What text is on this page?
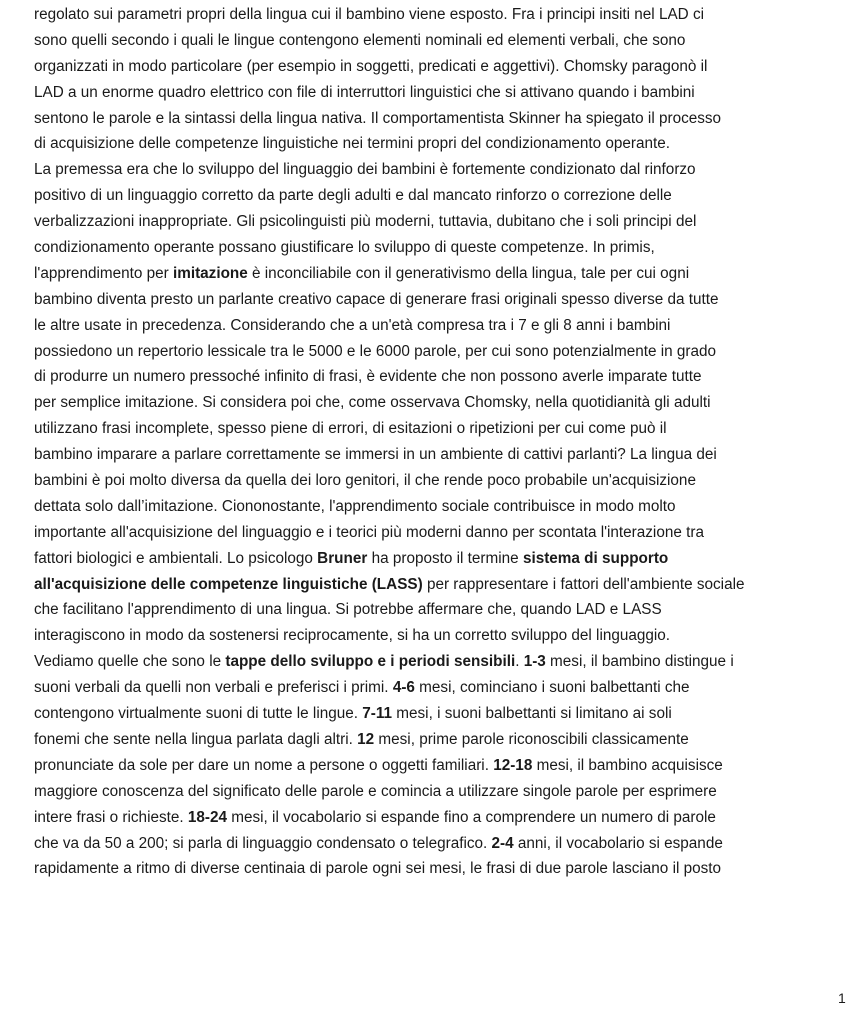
regolato sui parametri propri della lingua cui il bambino viene esposto. Fra i principi insiti nel LAD ci
sono quelli secondo i quali le lingue contengono elementi nominali ed elementi verbali, che sono
organizzati in modo particolare (per esempio in soggetti, predicati e aggettivi). Chomsky paragonò il
LAD a un enorme quadro elettrico con file di interruttori linguistici che si attivano quando i bambini
sentono le parole e la sintassi della lingua nativa. Il comportamentista Skinner ha spiegato il processo
di acquisizione delle competenze linguistiche nei termini propri del condizionamento operante.
La premessa era che lo sviluppo del linguaggio dei bambini è fortemente condizionato dal rinforzo
positivo di un linguaggio corretto da parte degli adulti e dal mancato rinforzo o correzione delle
verbalizzazioni inappropriate. Gli psicolinguisti più moderni, tuttavia, dubitano che i soli principi del
condizionamento operante possano giustificare lo sviluppo di queste competenze. In primis,
l'apprendimento per imitazione è inconciliabile con il generativismo della lingua, tale per cui ogni
bambino diventa presto un parlante creativo capace di generare frasi originali spesso diverse da tutte
le altre usate in precedenza. Considerando che a un'età compresa tra i 7 e gli 8 anni i bambini
possiedono un repertorio lessicale tra le 5000 e le 6000 parole, per cui sono potenzialmente in grado
di produrre un numero pressoché infinito di frasi, è evidente che non possono averle imparate tutte
per semplice imitazione. Si considera poi che, come osservava Chomsky, nella quotidianità gli adulti
utilizzano frasi incomplete, spesso piene di errori, di esitazioni o ripetizioni per cui come può il
bambino imparare a parlare correttamente se immersi in un ambiente di cattivi parlanti? La lingua dei
bambini è poi molto diversa da quella dei loro genitori, il che rende poco probabile un'acquisizione
dettata solo dall’imitazione. Ciononostante, l'apprendimento sociale contribuisce in modo molto
importante all'acquisizione del linguaggio e i teorici più moderni danno per scontata l'interazione tra
fattori biologici e ambientali. Lo psicologo Bruner ha proposto il termine sistema di supporto
all'acquisizione delle competenze linguistiche (LASS) per rappresentare i fattori dell'ambiente sociale
che facilitano l'apprendimento di una lingua. Si potrebbe affermare che, quando LAD e LASS
interagiscono in modo da sostenersi reciprocamente, si ha un corretto sviluppo del linguaggio.
Vediamo quelle che sono le tappe dello sviluppo e i periodi sensibili. 1-3 mesi, il bambino distingue i
suoni verbali da quelli non verbali e preferisci i primi. 4-6 mesi, cominciano i suoni balbettanti che
contengono virtualmente suoni di tutte le lingue. 7-11 mesi, i suoni balbettanti si limitano ai soli
fonemi che sente nella lingua parlata dagli altri. 12 mesi, prime parole riconoscibili classicamente
pronunciate da sole per dare un nome a persone o oggetti familiari. 12-18 mesi, il bambino acquisisce
maggiore conoscenza del significato delle parole e comincia a utilizzare singole parole per esprimere
intere frasi o richieste. 18-24 mesi, il vocabolario si espande fino a comprendere un numero di parole
che va da 50 a 200; si parla di linguaggio condensato o telegrafico. 2-4 anni, il vocabolario si espande
rapidamente a ritmo di diverse centinaia di parole ogni sei mesi, le frasi di due parole lasciano il posto
1
